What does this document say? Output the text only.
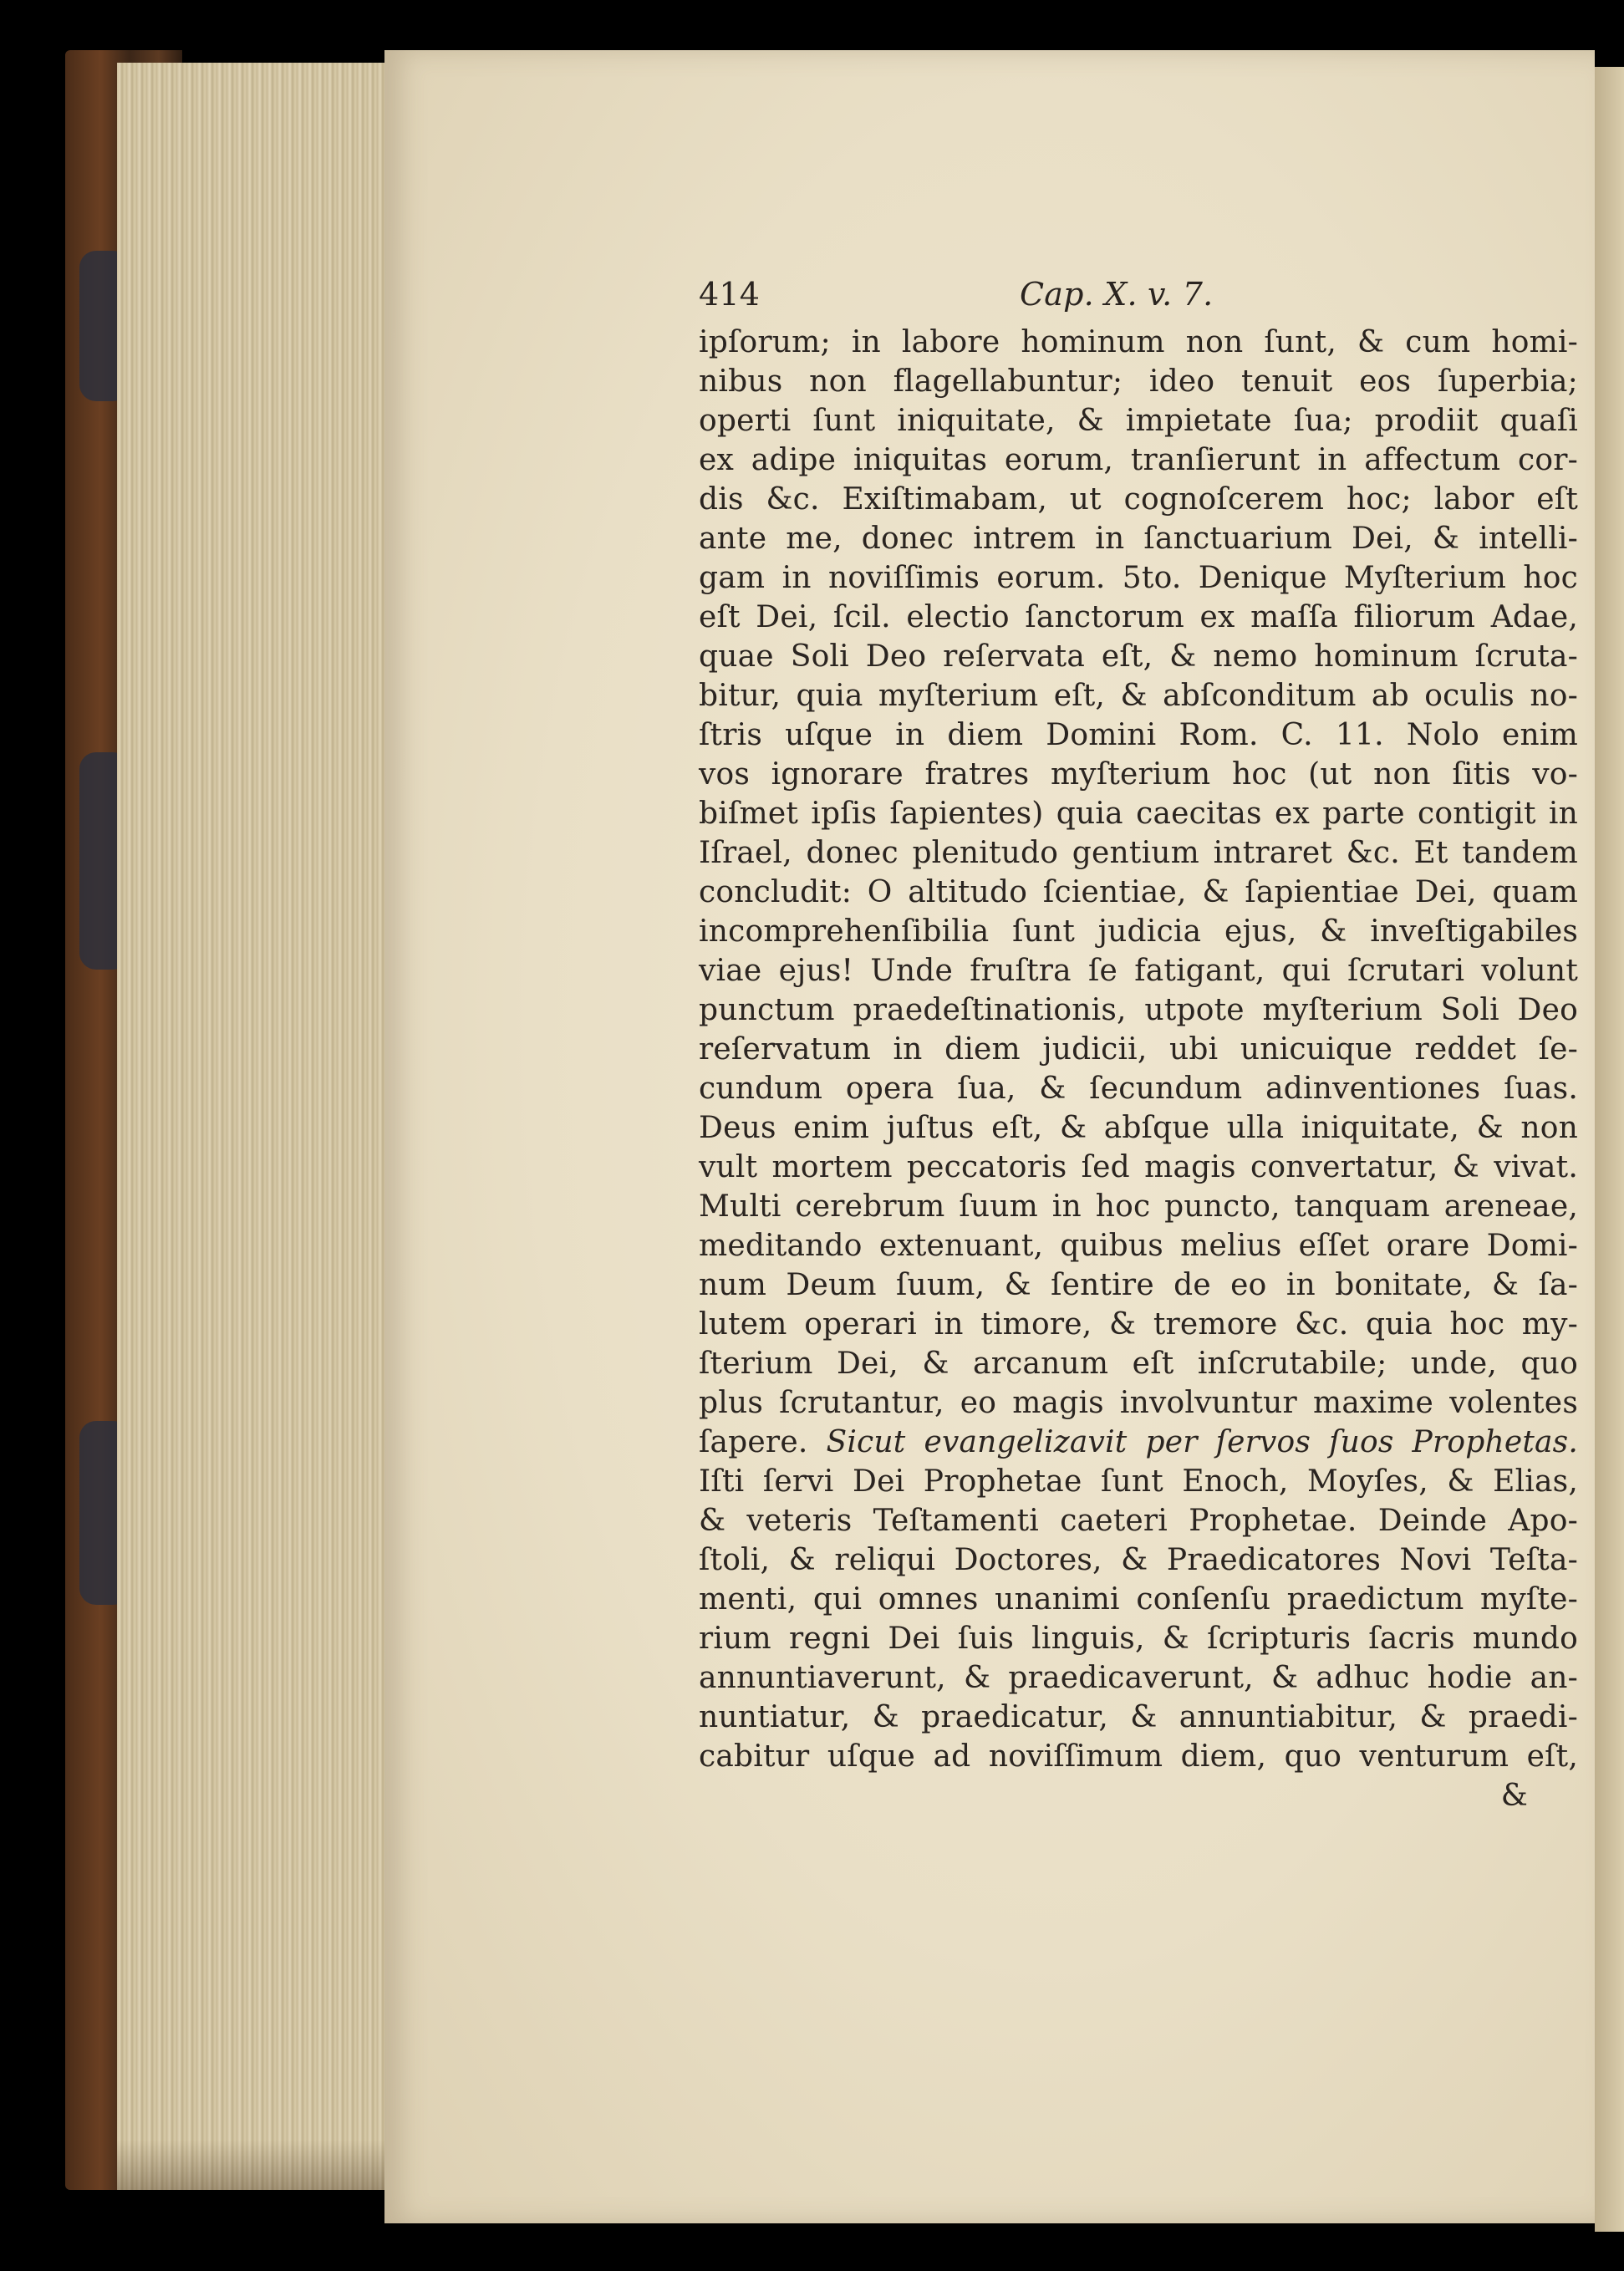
414	Cap. X. v. 7.
ipſorum; in labore hominum non ſunt, & cum homi-
nibus non flagellabuntur; ideo tenuit eos ſuperbia;
operti ſunt iniquitate, & impietate ſua; prodiit quaſi
ex adipe iniquitas eorum, tranſierunt in affectum cor-
dis &c. Exiſtimabam, ut cognoſcerem hoc; labor eſt
ante me, donec intrem in ſanctuarium Dei, & intelli-
gam in noviſſimis eorum. 5to. Denique Myſterium hoc
eſt Dei, ſcil. electio ſanctorum ex maſſa filiorum Adae,
quae Soli Deo reſervata eſt, & nemo hominum ſcruta-
bitur, quia myſterium eſt, & abſconditum ab oculis no-
ſtris uſque in diem Domini Rom. C. 11. Nolo enim
vos ignorare fratres myſterium hoc (ut non ſitis vo-
biſmet ipſis ſapientes) quia caecitas ex parte contigit in
Iſrael, donec plenitudo gentium intraret &c. Et tandem
concludit: O altitudo ſcientiae, & ſapientiae Dei, quam
incomprehenſibilia ſunt judicia ejus, & inveſtigabiles
viae ejus! Unde fruſtra ſe fatigant, qui ſcrutari volunt
punctum praedeſtinationis, utpote myſterium Soli Deo
reſervatum in diem judicii, ubi unicuique reddet ſe-
cundum opera ſua, & ſecundum adinventiones ſuas.
Deus enim juſtus eſt, & abſque ulla iniquitate, & non
vult mortem peccatoris ſed magis convertatur, & vivat.
Multi cerebrum ſuum in hoc puncto, tanquam areneae,
meditando extenuant, quibus melius eſſet orare Domi-
num Deum ſuum, & ſentire de eo in bonitate, & ſa-
lutem operari in timore, & tremore &c. quia hoc my-
ſterium Dei, & arcanum eſt inſcrutabile; unde, quo
plus ſcrutantur, eo magis involvuntur maxime volentes
ſapere. Sicut evangelizavit per ſervos ſuos Prophetas.
Iſti ſervi Dei Prophetae ſunt Enoch, Moyſes, & Elias,
& veteris Teſtamenti caeteri Prophetae. Deinde Apo-
ſtoli, & reliqui Doctores, & Praedicatores Novi Teſta-
menti, qui omnes unanimi conſenſu praedictum myſte-
rium regni Dei ſuis linguis, & ſcripturis ſacris mundo
annuntiaverunt, & praedicaverunt, & adhuc hodie an-
nuntiatur, & praedicatur, & annuntiabitur, & praedi-
cabitur uſque ad noviſſimum diem, quo venturum eſt,
&
